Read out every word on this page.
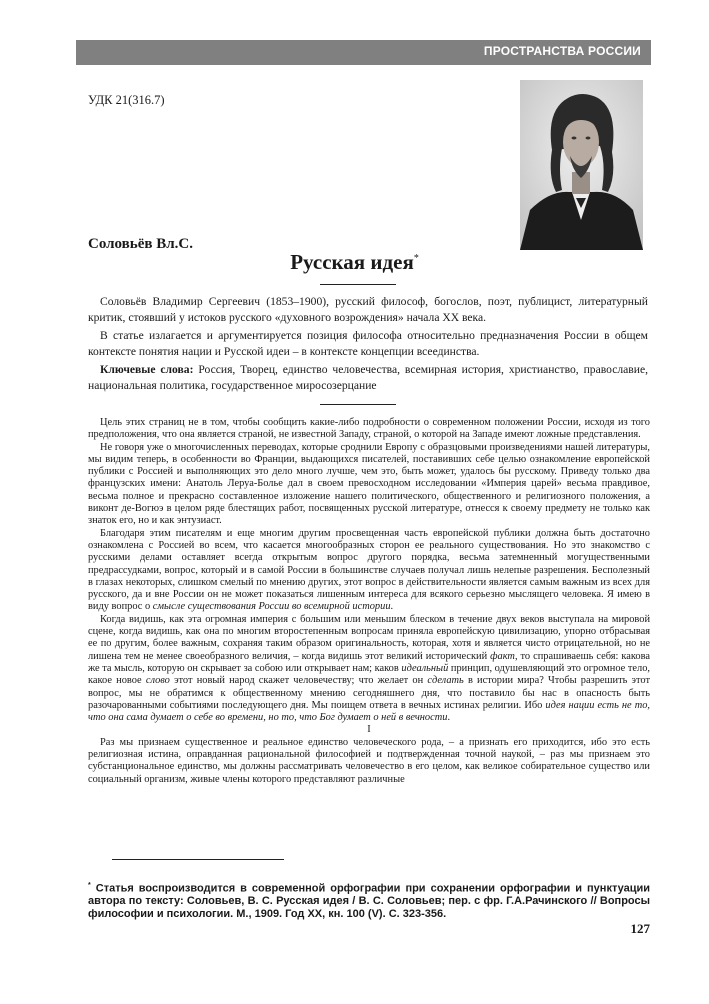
ПРОСТРАНСТВА РОССИИ
УДК 21(316.7)
Соловьёв Вл.С.
Русская идея*

Соловьёв Владимир Сергеевич (1853–1900), русский философ, богослов, поэт, публицист, литературный критик, стоявший у истоков русского «духовного возрождения» начала XX века.

В статье излагается и аргументируется позиция философа относительно предназначения России в общем контексте понятия нации и Русской идеи – в контексте концепции всеединства.

Ключевые слова: Россия, Творец, единство человечества, всемирная история, христианство, православие, национальная политика, государственное миросозерцание

Цель этих страниц не в том, чтобы сообщить какие-либо подробности о современном положении России, исходя из того предположения, что она является страной, не известной Западу, страной, о которой на Западе имеют ложные представления.

Не говоря уже о многочисленных переводах, которые сроднили Европу с образцовыми произведениями нашей литературы, мы видим теперь, в особенности во Франции, выдающихся писателей, поставивших себе целью ознакомление европейской публики с Россией и выполняющих это дело много лучше, чем это, быть может, удалось бы русскому. Приведу только два французских имени: Анатоль Леруа-Болье дал в своем превосходном исследовании «Империя царей» весьма правдивое, весьма полное и прекрасно составленное изложение нашего политического, общественного и религиозного положения, а виконт де-Вогюэ в целом ряде блестящих работ, посвященных русской литературе, отнесся к своему предмету не только как знаток его, но и как энтузиаст.

Благодаря этим писателям и еще многим другим просвещенная часть европейской публики должна быть достаточно ознакомлена с Россией во всем, что касается многообразных сторон ее реального существования. Но это знакомство с русскими делами оставляет всегда открытым вопрос другого порядка, весьма затемненный могущественными предрассудками, вопрос, который и в самой России в большинстве случаев получал лишь нелепые разрешения. Бесполезный в глазах некоторых, слишком смелый по мнению других, этот вопрос в действительности является самым важным из всех для русского, да и вне России он не может показаться лишенным интереса для всякого серьезно мыслящего человека. Я имею в виду вопрос о смысле существования России во всемирной истории.

Когда видишь, как эта огромная империя с большим или меньшим блеском в течение двух веков выступала на мировой сцене, когда видишь, как она по многим второстепенным вопросам приняла европейскую цивилизацию, упорно отбрасывая ее по другим, более важным, сохраняя таким образом оригинальность, которая, хотя и является чисто отрицательной, но не лишена тем не менее своеобразного величия, – когда видишь этот великий исторический факт, то спрашиваешь себя: какова же та мысль, которую он скрывает за собою или открывает нам; каков идеальный принцип, одушевляющий это огромное тело, какое новое слово этот новый народ скажет человечеству; что желает он сделать в истории мира? Чтобы разрешить этот вопрос, мы не обратимся к общественному мнению сегодняшнего дня, что поставило бы нас в опасность быть разочарованными событиями последующего дня. Мы поищем ответа в вечных истинах религии. Ибо идея нации есть не то, что она сама думает о себе во времени, но то, что Бог думает о ней в вечности.

I

Раз мы признаем существенное и реальное единство человеческого рода, – а признать его приходится, ибо это есть религиозная истина, оправданная рациональной философией и подтвержденная точной наукой, – раз мы признаем это субстанциональное единство, мы должны рассматривать человечество в его целом, как великое собирательное существо или социальный организм, живые члены которого представляют различные

* Статья воспроизводится в современной орфографии при сохранении орфографии и пунктуации автора по тексту: Соловьев, В. С. Русская идея / В. С. Соловьев; пер. с фр. Г.А.Рачинского // Вопросы философии и психологии. М., 1909. Год XX, кн. 100 (V). С. 323-356.
127
